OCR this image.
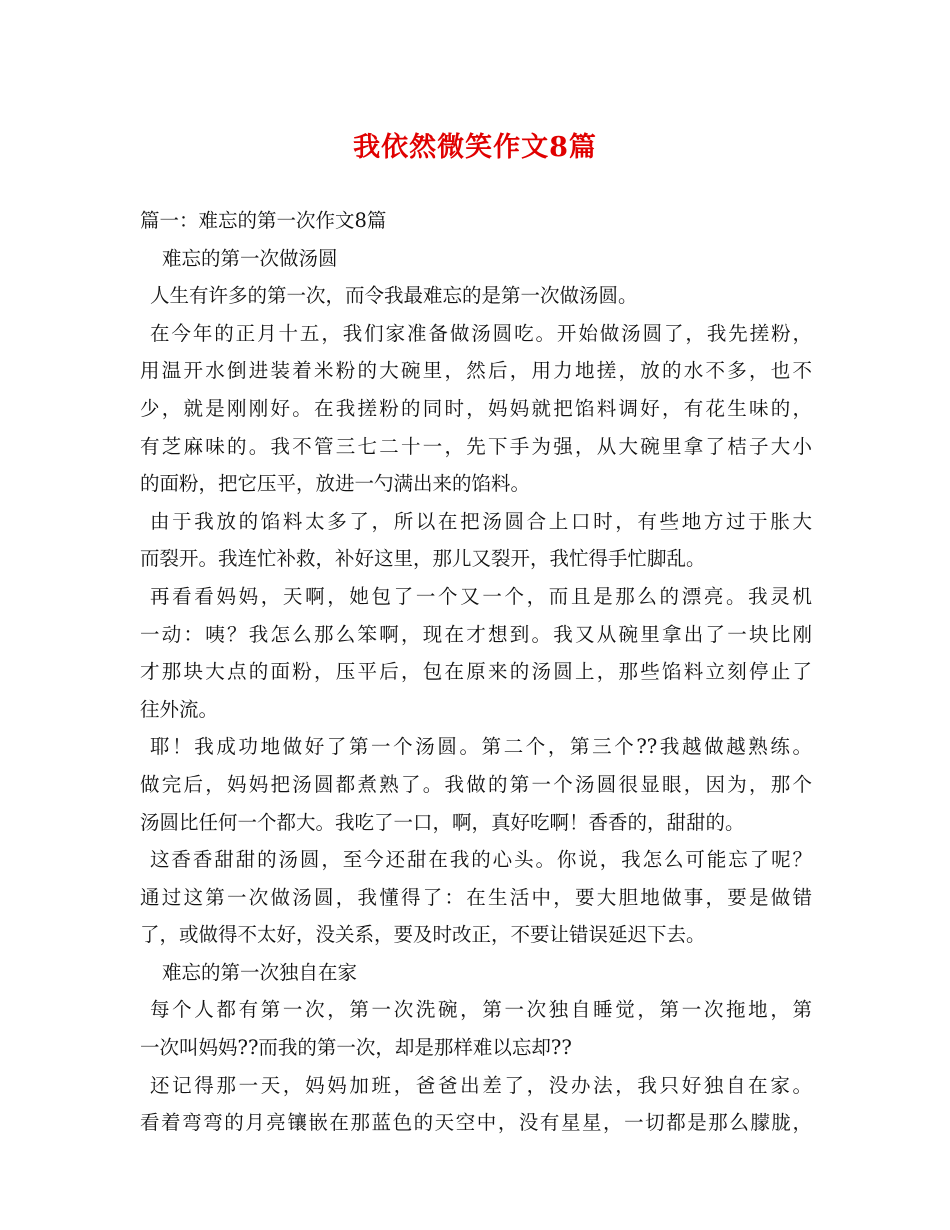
我依然微笑作文8篇
篇一：难忘的第一次作文8篇
难忘的第一次做汤圆
人生有许多的第一次，而令我最难忘的是第一次做汤圆。
在今年的正月十五，我们家准备做汤圆吃。开始做汤圆了，我先搓粉，
用温开水倒进装着米粉的大碗里，然后，用力地搓，放的水不多，也不
少，就是刚刚好。在我搓粉的同时，妈妈就把馅料调好，有花生味的，
有芝麻味的。我不管三七二十一，先下手为强，从大碗里拿了桔子大小
的面粉，把它压平，放进一勺满出来的馅料。
由于我放的馅料太多了，所以在把汤圆合上口时，有些地方过于胀大
而裂开。我连忙补救，补好这里，那儿又裂开，我忙得手忙脚乱。
再看看妈妈，天啊，她包了一个又一个，而且是那么的漂亮。我灵机
一动：咦？我怎么那么笨啊，现在才想到。我又从碗里拿出了一块比刚
才那块大点的面粉，压平后，包在原来的汤圆上，那些馅料立刻停止了
往外流。
耶！我成功地做好了第一个汤圆。第二个，第三个??我越做越熟练。
做完后，妈妈把汤圆都煮熟了。我做的第一个汤圆很显眼，因为，那个
汤圆比任何一个都大。我吃了一口，啊，真好吃啊！香香的，甜甜的。
这香香甜甜的汤圆，至今还甜在我的心头。你说，我怎么可能忘了呢？
通过这第一次做汤圆，我懂得了：在生活中，要大胆地做事，要是做错
了，或做得不太好，没关系，要及时改正，不要让错误延迟下去。
难忘的第一次独自在家
每个人都有第一次，第一次洗碗，第一次独自睡觉，第一次拖地，第
一次叫妈妈??而我的第一次，却是那样难以忘却??
还记得那一天，妈妈加班，爸爸出差了，没办法，我只好独自在家。
看着弯弯的月亮镶嵌在那蓝色的天空中，没有星星，一切都是那么朦胧，
